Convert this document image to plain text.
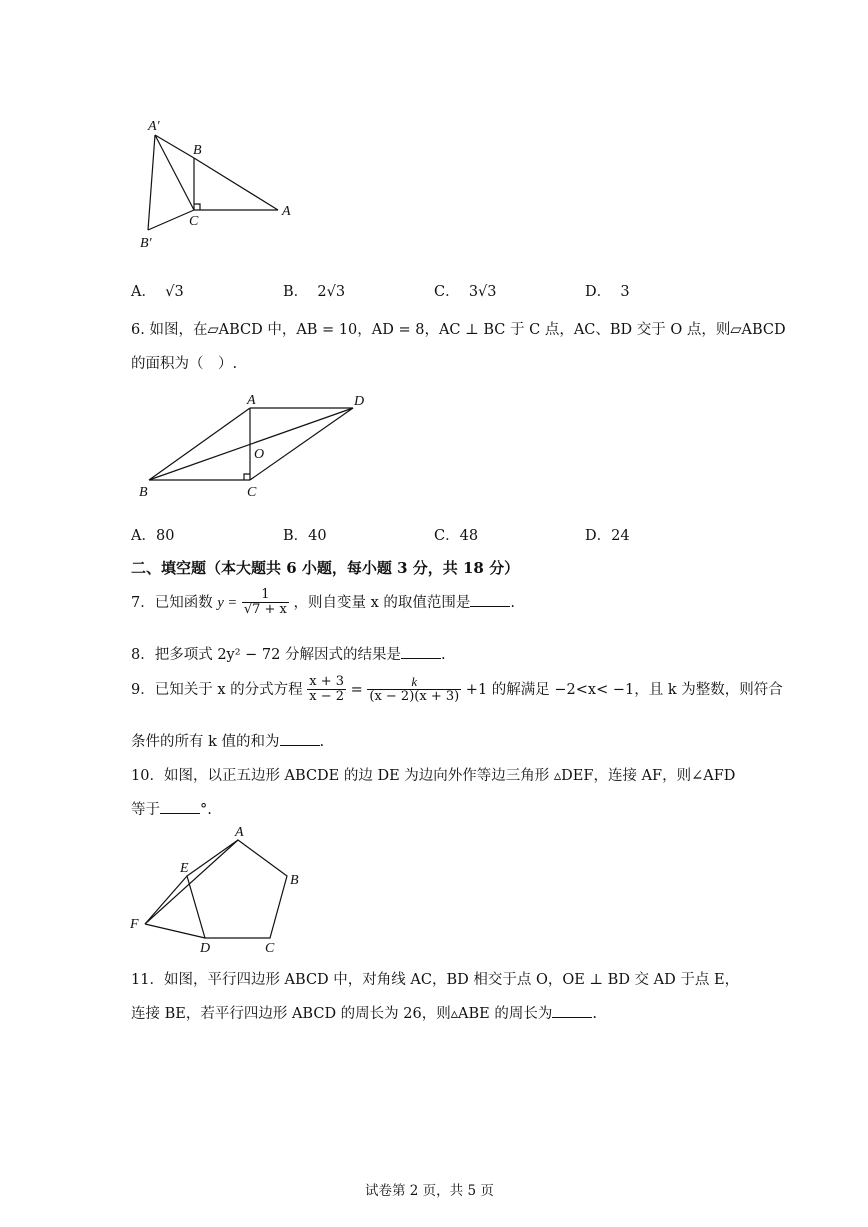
A′
B
C
A
B′
A． √3	B． 2√3	C． 3√3	D． 3
6. 如图，在▱ABCD 中，AB = 10，AD = 8，AC ⊥ BC 于 C 点，AC、BD 交于 O 点，则▱ABCD
的面积为（　）.
A	D
O
B	C
A．80	B．40	C．48	D．24
二、填空题（本大题共 6 小题，每小题 3 分，共 18 分）
7．已知函数 $y = \frac{1}{√7 + x}$ ，则自变量 x 的取值范围是	.
8．把多项式 2y² − 72 分解因式的结果是	.
9．已知关于 x 的分式方程 $\frac{x + 3}{x - 2} = \frac{k}{(x - 2)(x + 3)} +1$ 的解满足 −2<x< −1，且 k 为整数，则符合
条件的所有 k 值的和为	.
10．如图，以正五边形 ABCDE 的边 DE 为边向外作等边三角形 ▵DEF，连接 AF，则∠AFD
等于	°.
A
E
B
F
D	C
11．如图，平行四边形 ABCD 中，对角线 AC，BD 相交于点 O，OE ⊥ BD 交 AD 于点 E，
连接 BE，若平行四边形 ABCD 的周长为 26，则▵ABE 的周长为	.
试卷第 2 页，共 5 页
